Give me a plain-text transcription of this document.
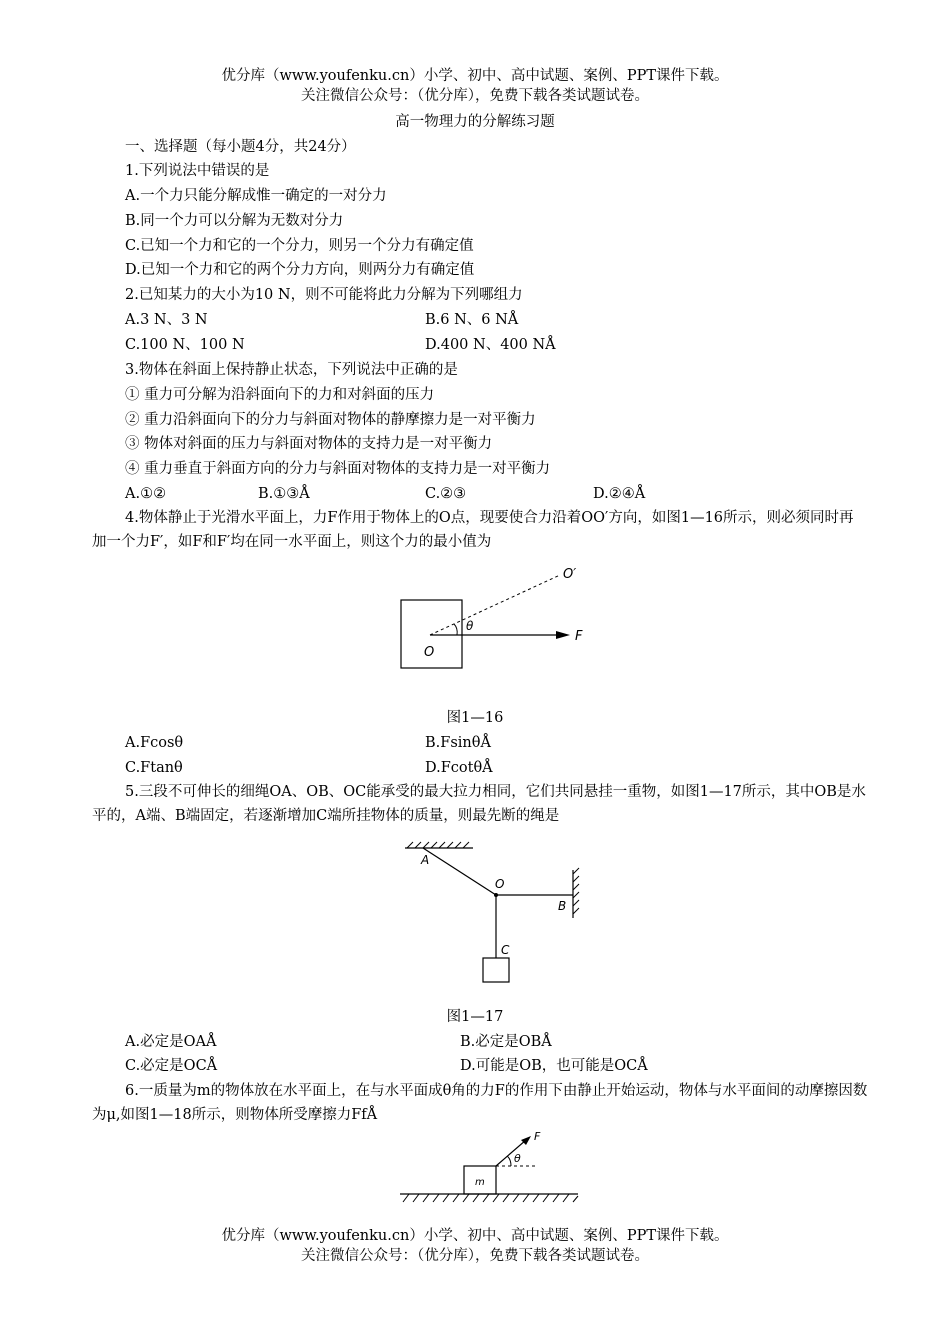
优分库（www.youfenku.cn）小学、初中、高中试题、案例、PPT课件下载。
关注微信公众号：（优分库），免费下载各类试题试卷。
高一物理力的分解练习题
一、选择题（每小题4分，共24分）
1.下列说法中错误的是
A.一个力只能分解成惟一确定的一对分力
B.同一个力可以分解为无数对分力
C.已知一个力和它的一个分力，则另一个分力有确定值
D.已知一个力和它的两个分力方向，则两分力有确定值
2.已知某力的大小为10 N，则不可能将此力分解为下列哪组力
A.3 N、3 N	B.6 N、6 NÅ
C.100 N、100 N	D.400 N、400 NÅ
3.物体在斜面上保持静止状态，下列说法中正确的是
① 重力可分解为沿斜面向下的力和对斜面的压力
② 重力沿斜面向下的分力与斜面对物体的静摩擦力是一对平衡力
③ 物体对斜面的压力与斜面对物体的支持力是一对平衡力
④ 重力垂直于斜面方向的分力与斜面对物体的支持力是一对平衡力
A.①②	B.①③Å	C.②③	D.②④Å
4.物体静止于光滑水平面上，力F作用于物体上的O点，现要使合力沿着OO′方向，如图1—16所示，则必须同时再加一个力F′，如F和F′均在同一水平面上，则这个力的最小值为
O
O′
θ
F
图1—16
A.Fcosθ	B.FsinθÅ
C.Ftanθ	D.FcotθÅ
5.三段不可伸长的细绳OA、OB、OC能承受的最大拉力相同，它们共同悬挂一重物，如图1—17所示，其中OB是水平的，A端、B端固定，若逐渐增加C端所挂物体的质量，则最先断的绳是
A
O
B
C
图1—17
A.必定是OAÅ	B.必定是OBÅ
C.必定是OCÅ	D.可能是OB，也可能是OCÅ
6.一质量为m的物体放在水平面上，在与水平面成θ角的力F的作用下由静止开始运动，物体与水平面间的动摩擦因数为μ,如图1—18所示，则物体所受摩擦力FfÅ
m
F
θ
优分库（www.youfenku.cn）小学、初中、高中试题、案例、PPT课件下载。
关注微信公众号：（优分库），免费下载各类试题试卷。
